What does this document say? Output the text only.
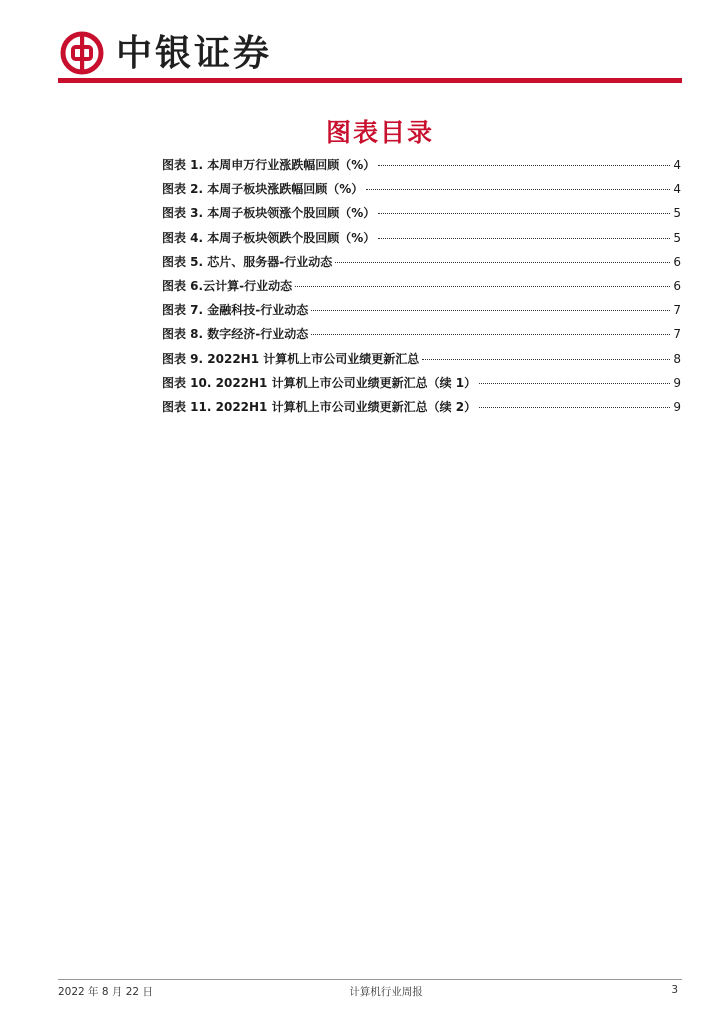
中银证券
图表目录
图表 1. 本周申万行业涨跌幅回顾（%）	4
图表 2. 本周子板块涨跌幅回顾（%）	4
图表 3. 本周子板块领涨个股回顾（%）	5
图表 4. 本周子板块领跌个股回顾（%）	5
图表 5. 芯片、服务器-行业动态	6
图表 6.云计算-行业动态	6
图表 7. 金融科技-行业动态	7
图表 8. 数字经济-行业动态	7
图表 9. 2022H1 计算机上市公司业绩更新汇总	8
图表 10. 2022H1 计算机上市公司业绩更新汇总（续 1）	9
图表 11. 2022H1 计算机上市公司业绩更新汇总（续 2）	9
2022 年 8 月 22 日	计算机行业周报	3
